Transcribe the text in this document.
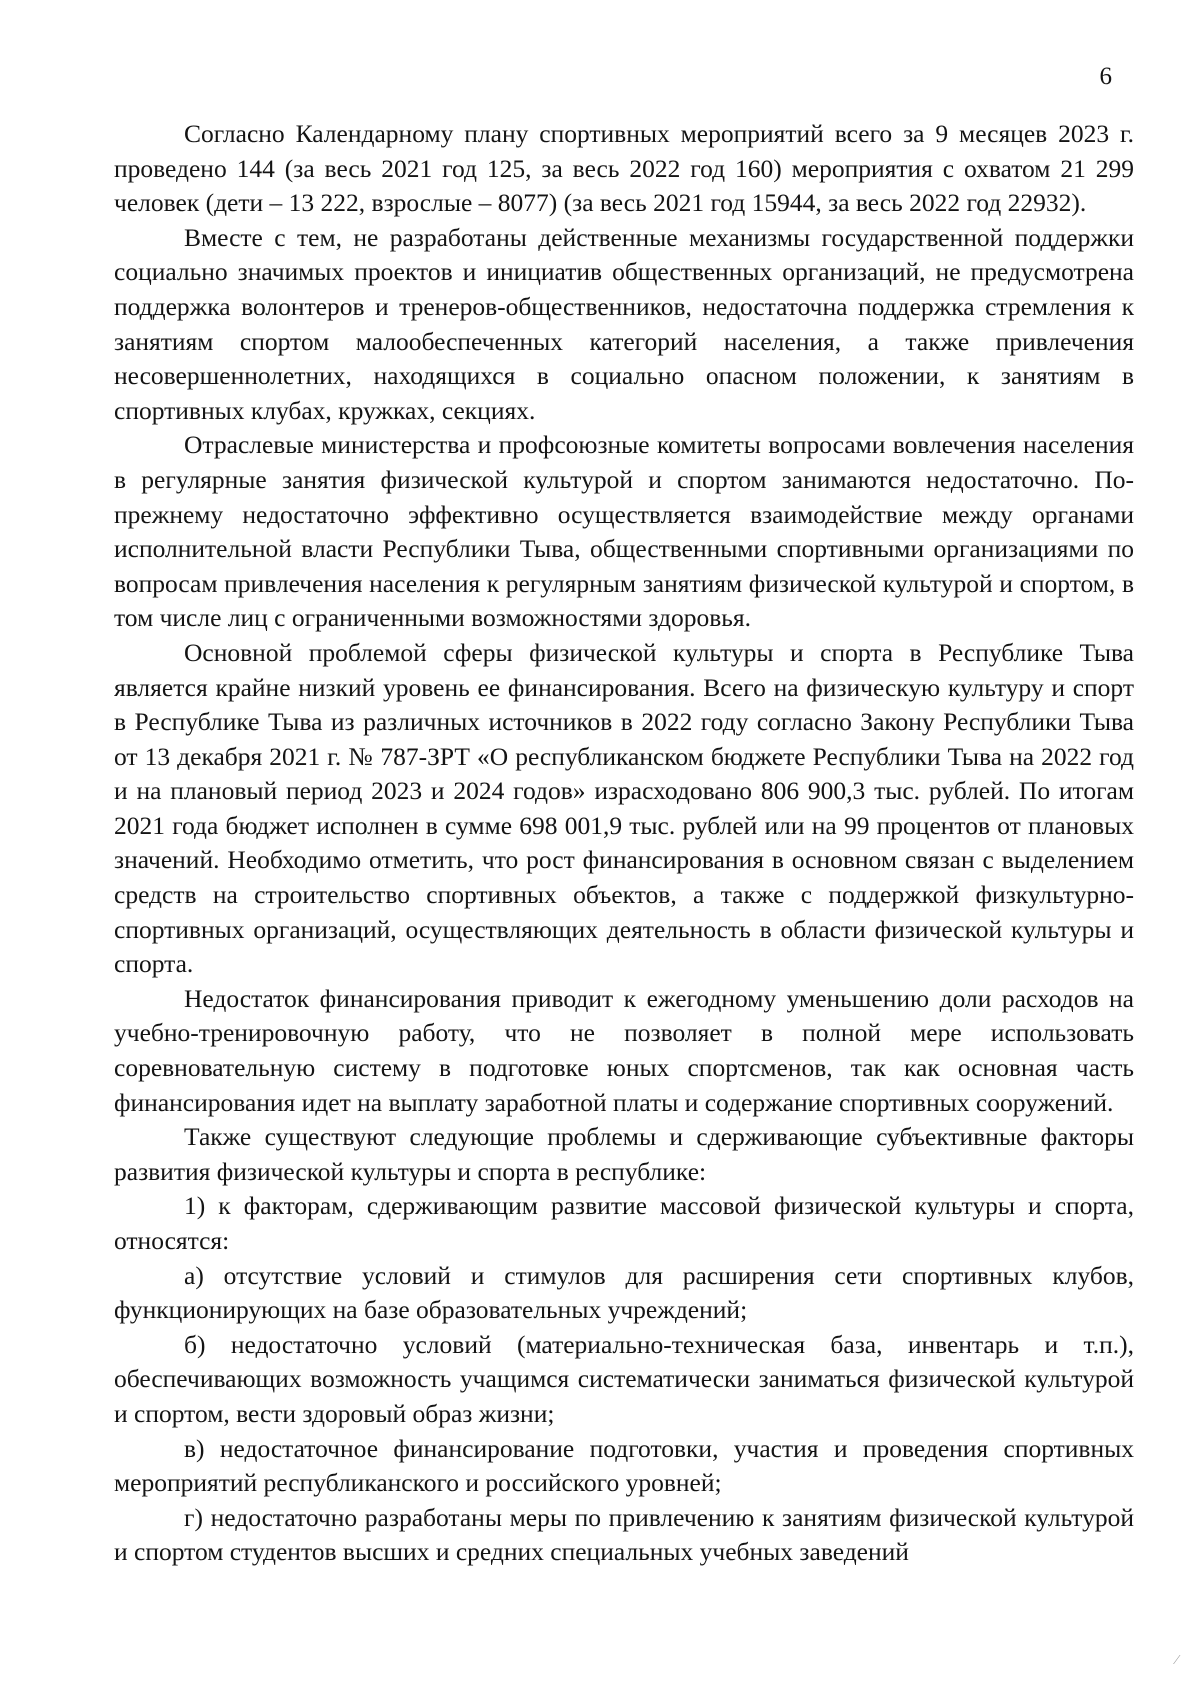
6

Согласно Календарному плану спортивных мероприятий всего за 9 месяцев 2023 г. проведено 144 (за весь 2021 год 125, за весь 2022 год 160) мероприятия с охватом 21 299 человек (дети – 13 222, взрослые – 8077) (за весь 2021 год 15944, за весь 2022 год 22932).

Вместе с тем, не разработаны действенные механизмы государственной поддержки социально значимых проектов и инициатив общественных организаций, не предусмотрена поддержка волонтеров и тренеров-общественников, недостаточна поддержка стремления к занятиям спортом малообеспеченных категорий населения, а также привлечения несовершеннолетних, находящихся в социально опасном положении, к занятиям в спортивных клубах, кружках, секциях.

Отраслевые министерства и профсоюзные комитеты вопросами вовлечения населения в регулярные занятия физической культурой и спортом занимаются недостаточно. По-прежнему недостаточно эффективно осуществляется взаимодействие между органами исполнительной власти Республики Тыва, общественными спортивными организациями по вопросам привлечения населения к регулярным занятиям физической культурой и спортом, в том числе лиц с ограниченными возможностями здоровья.

Основной проблемой сферы физической культуры и спорта в Республике Тыва является крайне низкий уровень ее финансирования. Всего на физическую культуру и спорт в Республике Тыва из различных источников в 2022 году согласно Закону Республики Тыва от 13 декабря 2021 г. № 787-ЗРТ «О республиканском бюджете Республики Тыва на 2022 год и на плановый период 2023 и 2024 годов» израсходовано 806 900,3 тыс. рублей. По итогам 2021 года бюджет исполнен в сумме 698 001,9 тыс. рублей или на 99 процентов от плановых значений. Необходимо отметить, что рост финансирования в основном связан с выделением средств на строительство спортивных объектов, а также с поддержкой физкультурно-спортивных организаций, осуществляющих деятельность в области физической культуры и спорта.

Недостаток финансирования приводит к ежегодному уменьшению доли расходов на учебно-тренировочную работу, что не позволяет в полной мере использовать соревновательную систему в подготовке юных спортсменов, так как основная часть финансирования идет на выплату заработной платы и содержание спортивных сооружений.

Также существуют следующие проблемы и сдерживающие субъективные факторы развития физической культуры и спорта в республике:

1) к факторам, сдерживающим развитие массовой физической культуры и спорта, относятся:

а) отсутствие условий и стимулов для расширения сети спортивных клубов, функционирующих на базе образовательных учреждений;

б) недостаточно условий (материально-техническая база, инвентарь и т.п.), обеспечивающих возможность учащимся систематически заниматься физической культурой и спортом, вести здоровый образ жизни;

в) недостаточное финансирование подготовки, участия и проведения спортивных мероприятий республиканского и российского уровней;

г) недостаточно разработаны меры по привлечению к занятиям физической культурой и спортом студентов высших и средних специальных учебных заведений

⁄
